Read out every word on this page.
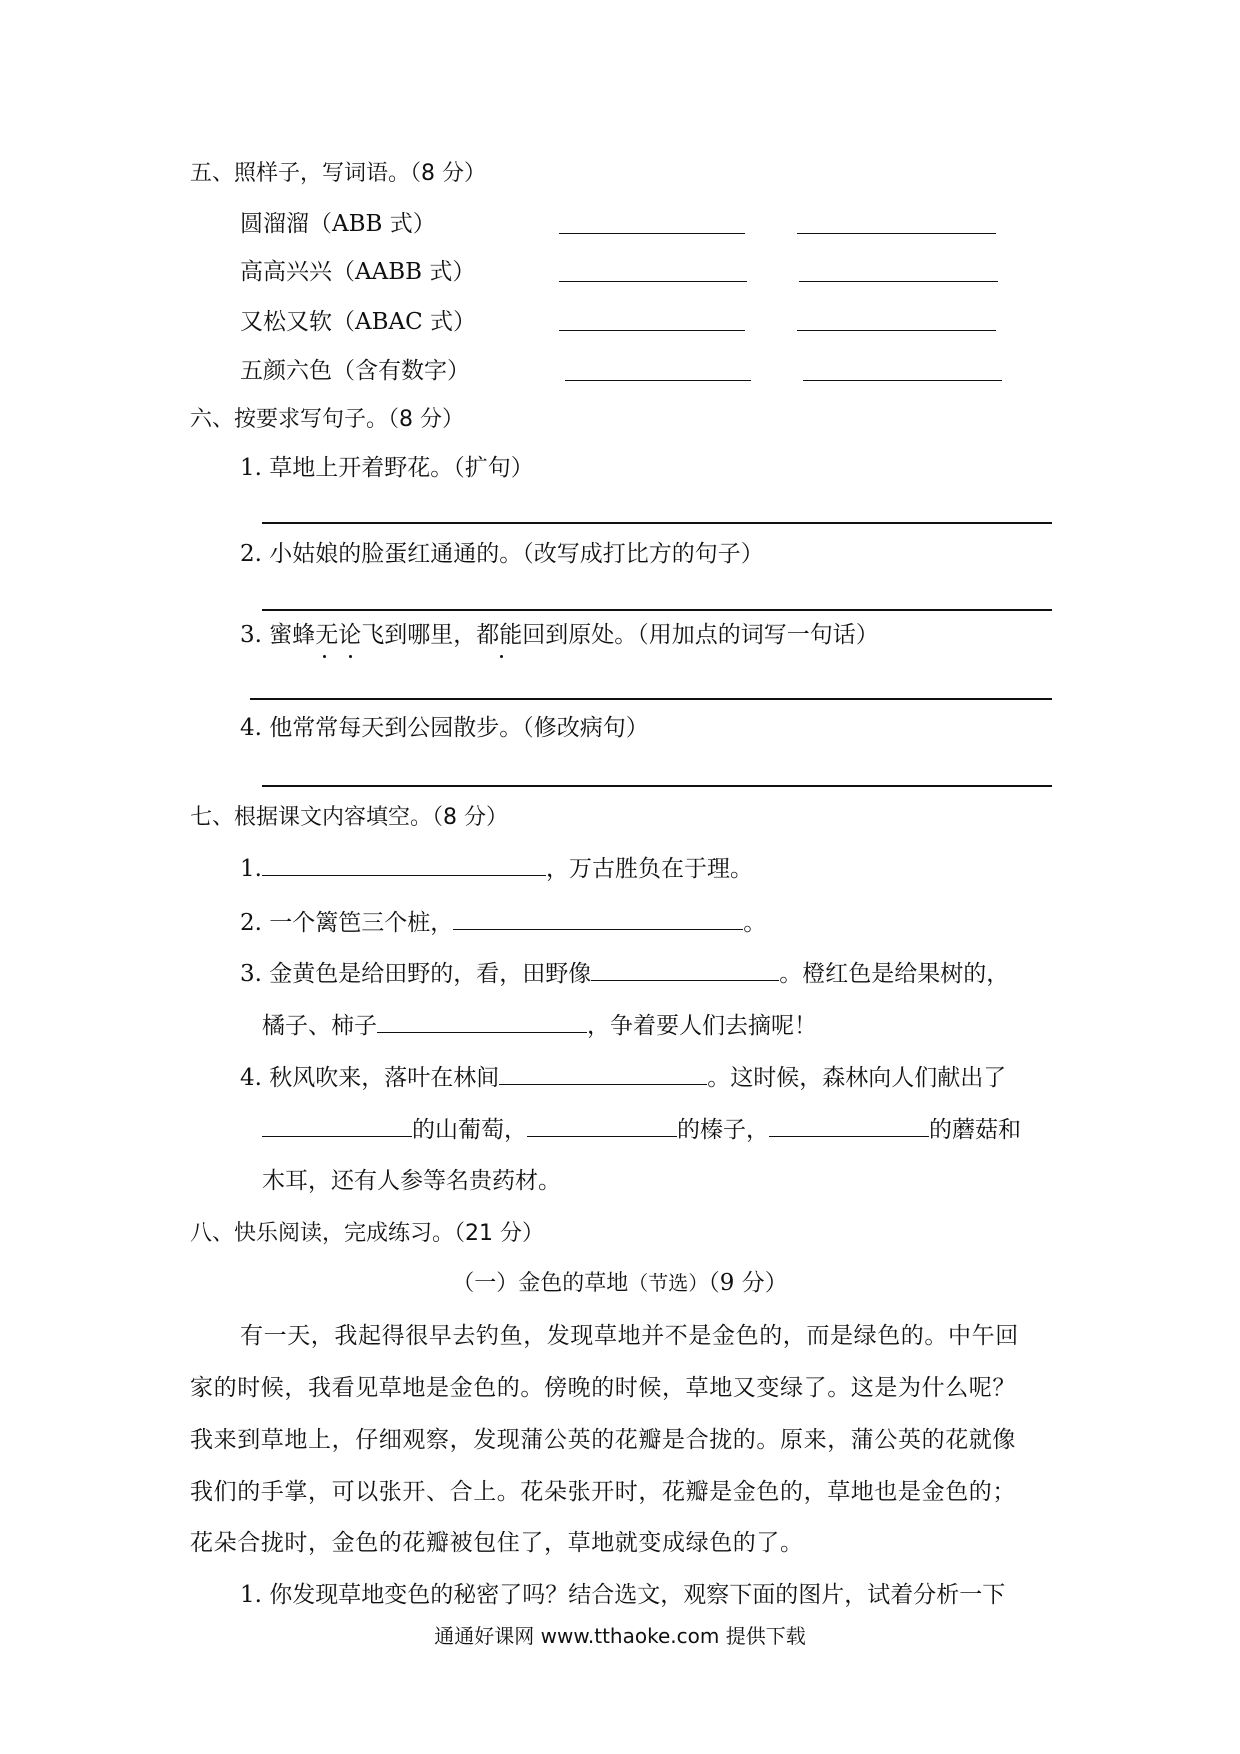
五、照样子，写词语。（8 分）
圆溜溜（ABB 式）
高高兴兴（AABB 式）
又松又软（ABAC 式）
五颜六色（含有数字）
六、按要求写句子。（8 分）
1. 草地上开着野花。（扩句）
2. 小姑娘的脸蛋红通通的。（改写成打比方的句子）
3. 蜜蜂无论飞到哪里，都能回到原处。（用加点的词写一句话）
4. 他常常每天到公园散步。（修改病句）
七、根据课文内容填空。（8 分）
1.	，万古胜负在于理。
2. 一个篱笆三个桩，	。
3. 金黄色是给田野的，看，田野像	。橙红色是给果树的，
橘子、柿子	，争着要人们去摘呢！
4. 秋风吹来，落叶在林间	。这时候，森林向人们献出了
的山葡萄，	的榛子，	的蘑菇和
木耳，还有人参等名贵药材。
八、快乐阅读，完成练习。（21 分）
（一）金色的草地（节选）（9 分）
有一天，我起得很早去钓鱼，发现草地并不是金色的，而是绿色的。中午回
家的时候，我看见草地是金色的。傍晚的时候，草地又变绿了。这是为什么呢？
我来到草地上，仔细观察，发现蒲公英的花瓣是合拢的。原来，蒲公英的花就像
我们的手掌，可以张开、合上。花朵张开时，花瓣是金色的，草地也是金色的；
花朵合拢时，金色的花瓣被包住了，草地就变成绿色的了。
1. 你发现草地变色的秘密了吗？结合选文，观察下面的图片，试着分析一下
通通好课网 www.tthaoke.com 提供下载
